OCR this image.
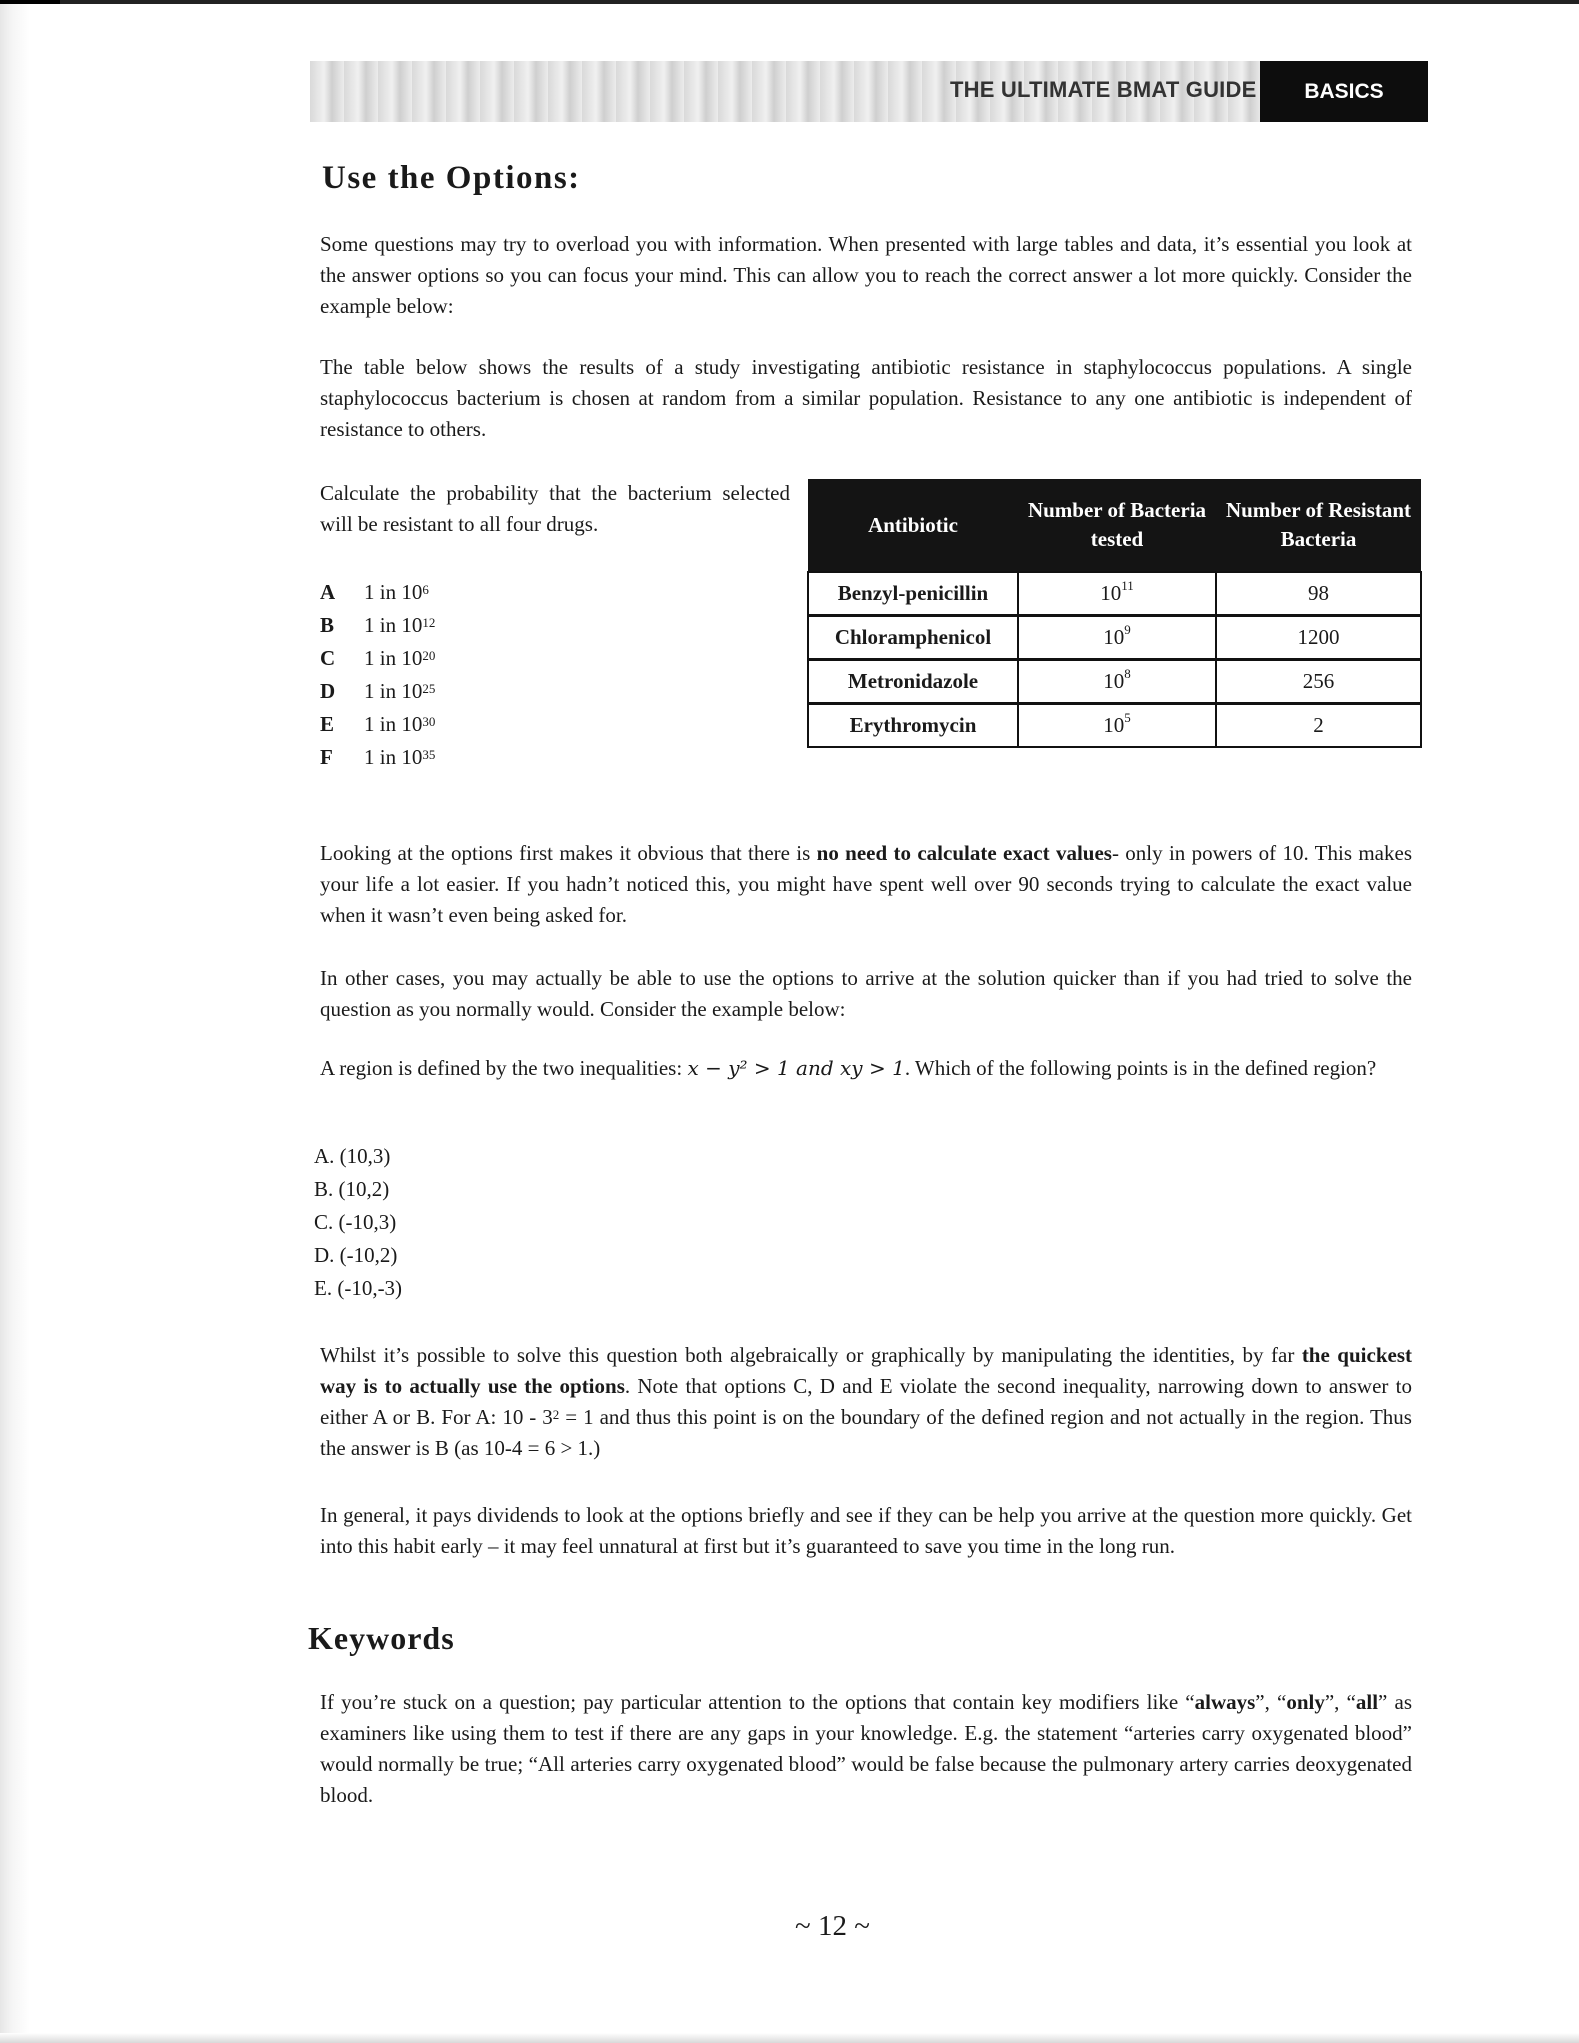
THE ULTIMATE BMAT GUIDE	BASICS
Use the Options:
Some questions may try to overload you with information. When presented with large tables and data, it’s essential you look at the answer options so you can focus your mind. This can allow you to reach the correct answer a lot more quickly. Consider the example below:
The table below shows the results of a study investigating antibiotic resistance in staphylococcus populations. A single staphylococcus bacterium is chosen at random from a similar population. Resistance to any one antibiotic is independent of resistance to others.
Calculate the probability that the bacterium selected will be resistant to all four drugs.
A	1 in 10 6
B	1 in 10 12
C	1 in 10 20
D	1 in 10 25
E	1 in 10 30
F	1 in 10 35
Antibiotic	Number of Bacteria tested	Number of Resistant Bacteria
Benzyl-penicillin	$10^{11}$	98
Chloramphenicol	$10^9$	1200
Metronidazole	$10^8$	256
Erythromycin	$10^5$	2
Looking at the options first makes it obvious that there is no need to calculate exact values- only in powers of 10. This makes your life a lot easier. If you hadn’t noticed this, you might have spent well over 90 seconds trying to calculate the exact value when it wasn’t even being asked for.
In other cases, you may actually be able to use the options to arrive at the solution quicker than if you had tried to solve the question as you normally would. Consider the example below:
A region is defined by the two inequalities: x − y² > 1 and xy > 1. Which of the following points is in the defined region?
A. (10,3)
B. (10,2)
C. (-10,3)
D. (-10,2)
E. (-10,-3)
Whilst it’s possible to solve this question both algebraically or graphically by manipulating the identities, by far the quickest way is to actually use the options. Note that options C, D and E violate the second inequality, narrowing down to answer to either A or B. For A: $10 - 3^2 = 1$ and thus this point is on the boundary of the defined region and not actually in the region. Thus the answer is B (as 10-4 = 6 > 1.)
In general, it pays dividends to look at the options briefly and see if they can be help you arrive at the question more quickly. Get into this habit early – it may feel unnatural at first but it’s guaranteed to save you time in the long run.
Keywords
If you’re stuck on a question; pay particular attention to the options that contain key modifiers like “always”, “only”, “all” as examiners like using them to test if there are any gaps in your knowledge. E.g. the statement “arteries carry oxygenated blood” would normally be true; “All arteries carry oxygenated blood” would be false because the pulmonary artery carries deoxygenated blood.
~ 12 ~
